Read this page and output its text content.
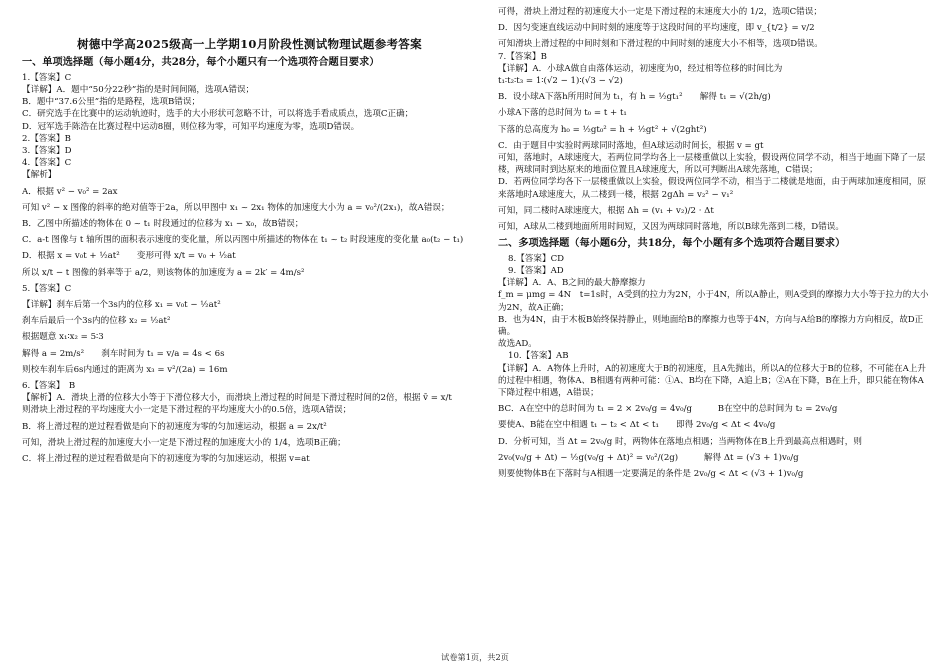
树德中学高2025级高一上学期10月阶段性测试物理试题参考答案
一、单项选择题（每小题4分，共28分，每个小题只有一个选项符合题目要求）

1.【答案】C

【详解】A．题中“50分22秒”指的是时间间隔，选项A错误；

B．题中“37.6公里”指的是路程，选项B错误；

C．研究选手在比赛中的运动轨迹时，选手的大小形状可忽略不计，可以将选手看成质点，选项C正确；

D．冠军选手陈浩在比赛过程中运动8圈，则位移为零，可知平均速度为零，选项D错误。

2.【答案】B

3.【答案】D

4.【答案】C

【解析】

A．根据 v² − v₀² = 2ax

可知 v² − x 图像的斜率的绝对值等于2a，所以甲图中 x₁ ~ 2x₁ 物体的加速度大小为 a = v₀²/(2x₁)，故A错误；

B．乙图中所描述的物体在 0 ~ t₁ 时段通过的位移为 x₁ − x₀，故B错误；

C．a-t 图像与 t 轴所围的面积表示速度的变化量，所以丙图中所描述的物体在 t₁ ~ t₂ 时段速度的变化量 a₀(t₂ − t₁)

D．根据 x = v₀t + ½at²　　变形可得 x/t = v₀ + ½at

所以 x/t − t 图像的斜率等于 a/2，则该物体的加速度为 a = 2k′ = 4m/s²

5.【答案】C

【详解】刹车后第一个3s内的位移 x₁ = v₀t − ½at²

刹车后最后一个3s内的位移 x₂ = ½at²

根据题意 x₁∶x₂ = 5∶3

解得 a = 2m/s²　　刹车时间为 t₁ = v/a = 4s < 6s

则校车刹车后6s内通过的距离为 x₃ = v²/(2a) = 16m

6.【答案】　B

【解析】A．滑块上滑的位移大小等于下滑位移大小，而滑块上滑过程的时间是下滑过程时间的2倍，根据 v̄ = x/t

则滑块上滑过程的平均速度大小一定是下滑过程的平均速度大小的0.5倍，选项A错误；

B．将上滑过程的逆过程看做是向下的初速度为零的匀加速运动，根据 a = 2x/t²

可知，滑块上滑过程的加速度大小一定是下滑过程的加速度大小的 1/4，选项B正确；

C．将上滑过程的逆过程看做是向下的初速度为零的匀加速运动，根据 v=at

可得，滑块上滑过程的初速度大小一定是下滑过程的末速度大小的 1/2，选项C错误；

D．因匀变速直线运动中间时刻的速度等于这段时间的平均速度，即 v_{t/2} = v/2

可知滑块上滑过程的中间时刻和下滑过程的中间时刻的速度大小不相等，选项D错误。

7.【答案】B

【详解】A．小球A做自由落体运动，初速度为0，经过相等位移的时间比为

t₁∶t₂∶t₃ = 1∶(√2 − 1)∶(√3 − √2)

B．设小球A下落h所用时间为 t₁，有 h = ½gt₁²　　解得 t₁ = √(2h/g)

小球A下落的总时间为 t₀ = t + t₁

下落的总高度为 h₀ = ½gt₀² = h + ½gt² + √(2ght²)

C．由于题目中实验时两球同时落地，但A球运动时间长，根据 v = gt

可知，落地时，A球速度大，若两位同学均各上一层楼重做以上实验，假设两位同学不动，相当于地面下降了一层楼，两球同时到达原来的地面位置且A球速度大，所以可判断出A球先落地，C错误；

D．若两位同学均各下一层楼重做以上实验，假设两位同学不动，相当于二楼就是地面，由于两球加速度相同，原来落地时A球速度大，从二楼到一楼，根据 2gΔh = v₂² − v₁²

可知，同二楼时A球速度大，根据 Δh = (v₁ + v₂)/2 · Δt

可知，A球从二楼到地面所用时间短，又因为两球同时落地，所以B球先落到二楼，D错误。

二、多项选择题（每小题6分，共18分，每个小题有多个选项符合题目要求）

8.【答案】CD

9.【答案】AD

【详解】A．A、B之间的最大静摩擦力

f_m = μmg = 4N　t=1s时，A受到的拉力为2N，小于4N，所以A静止，则A受到的摩擦力大小等于拉力的大小为2N，故A正确；

B．也为4N，由于木板B始终保持静止，则地面给B的摩擦力也等于4N，方向与A给B的摩擦力方向相反，故D正确。

故选AD。

10.【答案】AB

【详解】A．A物体上升时，A的初速度大于B的初速度，且A先抛出，所以A的位移大于B的位移，不可能在A上升的过程中相遇，物体A、B相遇有两种可能：①A、B均在下降，A追上B；②A在下降，B在上升，即只能在物体A下降过程中相遇，A错误；

BC．A在空中的总时间为 t₁ = 2 × 2v₀/g = 4v₀/g　　　B在空中的总时间为 t₂ = 2v₀/g

要使A、B能在空中相遇 t₁ − t₂ < Δt < t₁　　即得 2v₀/g < Δt < 4v₀/g

D．分析可知，当 Δt = 2v₀/g 时，两物体在落地点相遇；当两物体在B上升到最高点相遇时，则

2v₀(v₀/g + Δt) − ½g(v₀/g + Δt)² = v₀²/(2g)　　　解得 Δt = (√3 + 1)v₀/g

则要使物体B在下落时与A相遇一定要满足的条件是 2v₀/g < Δt < (√3 + 1)v₀/g

试卷第1页，共2页
